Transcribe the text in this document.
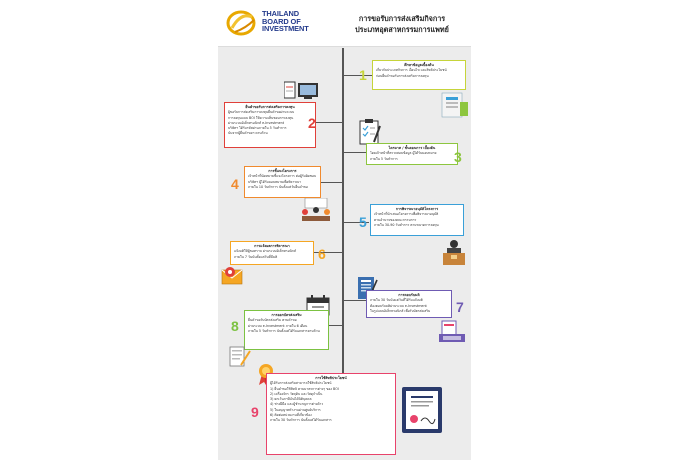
THAILAND
BOARD OF
INVESTMENT
การขอรับการส่งเสริมกิจการ
ประเภทอุตสาหกรรมการแพทย์
1
ศึกษาข้อมูลเบื้องต้น

เกี่ยวกับประเภทกิจการ เงื่อนไข และสิทธิประโยชน์

ก่อนยื่นคำขอรับการส่งเสริมการลงทุน

ยื่นคำขอรับการส่งเสริมการลงทุน

ผู้ขอรับการส่งเสริมการลงทุนยื่นคำขอผ่านระบบ

การลงทุนแบบ BOI ให้ความเห็นชอบการลงทุน

ผ่านระบบอิเล็กทรอนิกส์ e-Investment

บริษัทฯ ได้รับรหัสผ่านภายใน 5 วันทำการ

นับจากผู้ยื่นคำขอฯ ครบถ้วน

2
ไตรมาส / ขั้นตอนการ เบื้องต้น

โดยเจ้าหน้าที่ตรวจสอบข้อมูล ผู้ได้รับมอบหมาย

ภายใน 5 วันทำการ	3
4
การชี้แจงโครงการ

เจ้าหน้าที่นัดหมายชี้แจงโครงการ ต่อผู้รับผิดชอบ

บริษัทฯ ผู้ได้รับมอบหมายเพื่อพิจารณา

ภายใน 10 วันทำการ นับตั้งแต่วันยื่นคำขอ

5
การพิจารณาอนุมัติโครงการ

เจ้าหน้าที่นำเสนอโครงการเพื่อพิจารณาอนุมัติ

ตามอำนาจของคณะกรรมการ

ภายใน 30-90 วันทำการ ตามขนาดการลงทุน

การแจ้งผลการพิจารณา

แจ้งมติให้ผู้ขอทราบ ผ่านระบบอิเล็กทรอนิกส์

ภายใน 7 วันนับตั้งแต่วันที่มีมติ	6
การตอบรับมติ

ภายใน 30 วันนับแต่วันที่ได้รับแจ้งมติ

ต้องตอบรับมติผ่านระบบ e-Investment

ในรูปแบบอิเล็กทรอนิกส์ เพื่อรับบัตรส่งเสริม	7
8
การออกบัตรส่งเสริม

ยื่นคำขอรับบัตรส่งเสริม ตามคำขอ

ผ่านระบบ e-Investment ภายใน 6 เดือน

ภายใน 5 วันทำการ นับตั้งแต่ได้รับเอกสารครบถ้วน

9
การใช้สิทธิประโยชน์

ผู้ได้รับการส่งเสริมสามารถใช้สิทธิประโยชน์

1) ยื่นคำขอใช้สิทธิ ตามมาตรการต่างๆ ของ BOI

2) เครื่องจักร วัตถุดิบ และวัสดุจำเป็น

3) ยกเว้นภาษีเงินได้นิติบุคคล

4) ช่างฝีมือ และผู้ชำนาญการต่างด้าว

5) ใบอนุญาตทำงานผ่านศูนย์บริการ

6) ติดต่อหน่วยงานที่เกี่ยวข้อง

ภายใน 30 วันทำการ นับตั้งแต่ได้รับเอกสาร
